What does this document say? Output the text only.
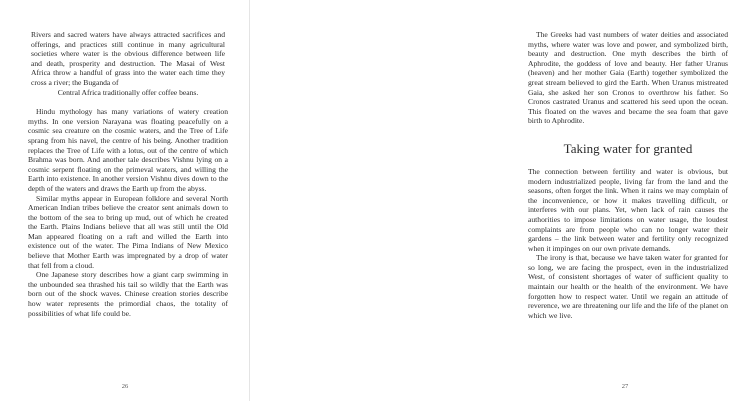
Rivers and sacred waters have always attracted sacrifices and offerings, and practices still continue in many agricultural societies where water is the obvious difference between life and death, prosperity and destruction. The Masai of West Africa throw a handful of grass into the water each time they cross a river; the Buganda of
Central Africa traditionally offer coffee beans.

Hindu mythology has many variations of watery creation myths. In one version Narayana was floating peacefully on a cosmic sea creature on the cosmic waters, and the Tree of Life sprang from his navel, the centre of his being. Another tradition replaces the Tree of Life with a lotus, out of the centre of which Brahma was born. And another tale describes Vishnu lying on a cosmic serpent floating on the primeval waters, and willing the Earth into existence. In another version Vishnu dives down to the depth of the waters and draws the Earth up from the abyss.

Similar myths appear in European folklore and several North American Indian tribes believe the creator sent animals down to the bottom of the sea to bring up mud, out of which he created the Earth. Plains Indians believe that all was still until the Old Man appeared floating on a raft and willed the Earth into existence out of the water. The Pima Indians of New Mexico believe that Mother Earth was impregnated by a drop of water that fell from a cloud.

One Japanese story describes how a giant carp swimming in the unbounded sea thrashed his tail so wildly that the Earth was born out of the shock waves. Chinese creation stories describe how water represents the primordial chaos, the totality of possibilities of what life could be.

26

The Greeks had vast numbers of water deities and associated myths, where water was love and power, and symbolized birth, beauty and destruction. One myth describes the birth of Aphrodite, the goddess of love and beauty. Her father Uranus (heaven) and her mother Gaia (Earth) together symbolized the great stream believed to gird the Earth. When Uranus mistreated Gaia, she asked her son Cronos to overthrow his father. So Cronos castrated Uranus and scattered his seed upon the ocean. This floated on the waves and became the sea foam that gave birth to Aphrodite.

Taking water for granted

The connection between fertility and water is obvious, but modern industrialized people, living far from the land and the seasons, often forget the link. When it rains we may complain of the inconvenience, or how it makes travelling difficult, or interferes with our plans. Yet, when lack of rain causes the authorities to impose limitations on water usage, the loudest complaints are from people who can no longer water their gardens – the link between water and fertility only recognized when it impinges on our own private demands.

The irony is that, because we have taken water for granted for so long, we are facing the prospect, even in the industrialized West, of consistent shortages of water of sufficient quality to maintain our health or the health of the environment. We have forgotten how to respect water. Until we regain an attitude of reverence, we are threatening our life and the life of the planet on which we live.

27
